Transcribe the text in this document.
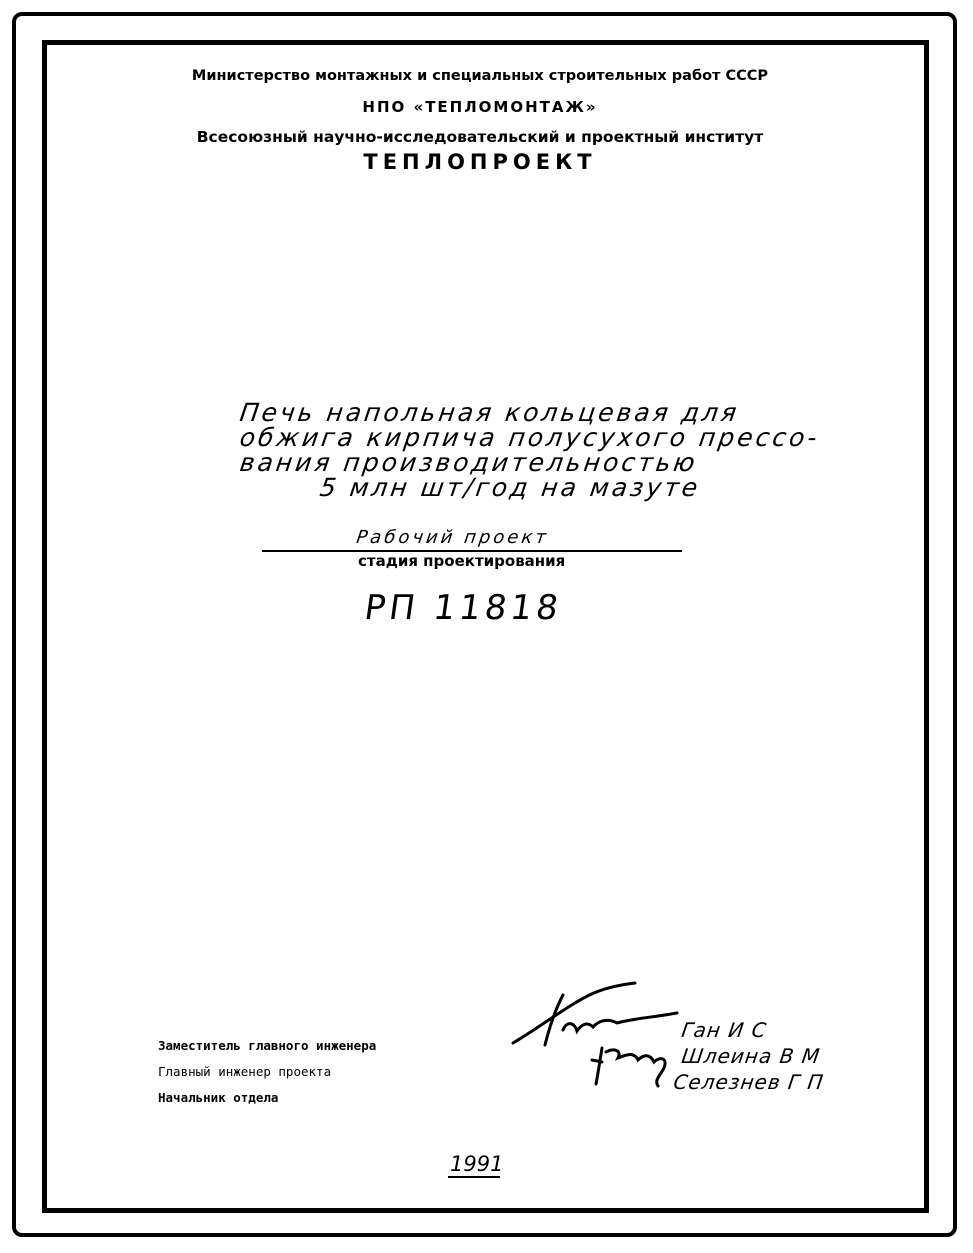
Министерство монтажных и специальных строительных работ СССР
НПО «ТЕПЛОМОНТАЖ»
Всесоюзный научно-исследовательский и проектный институт
ТЕПЛОПРОЕКТ
Печь напольная кольцевая для
обжига кирпича полусухого прессо-
вания производительностью
5 млн шт/год на мазуте
Рабочий проект
стадия проектирования
РП 11818
Заместитель главного инженера
Главный инженер проекта
Начальник отдела
Ган И С
Шлеина В М
Селезнев Г П
1991
